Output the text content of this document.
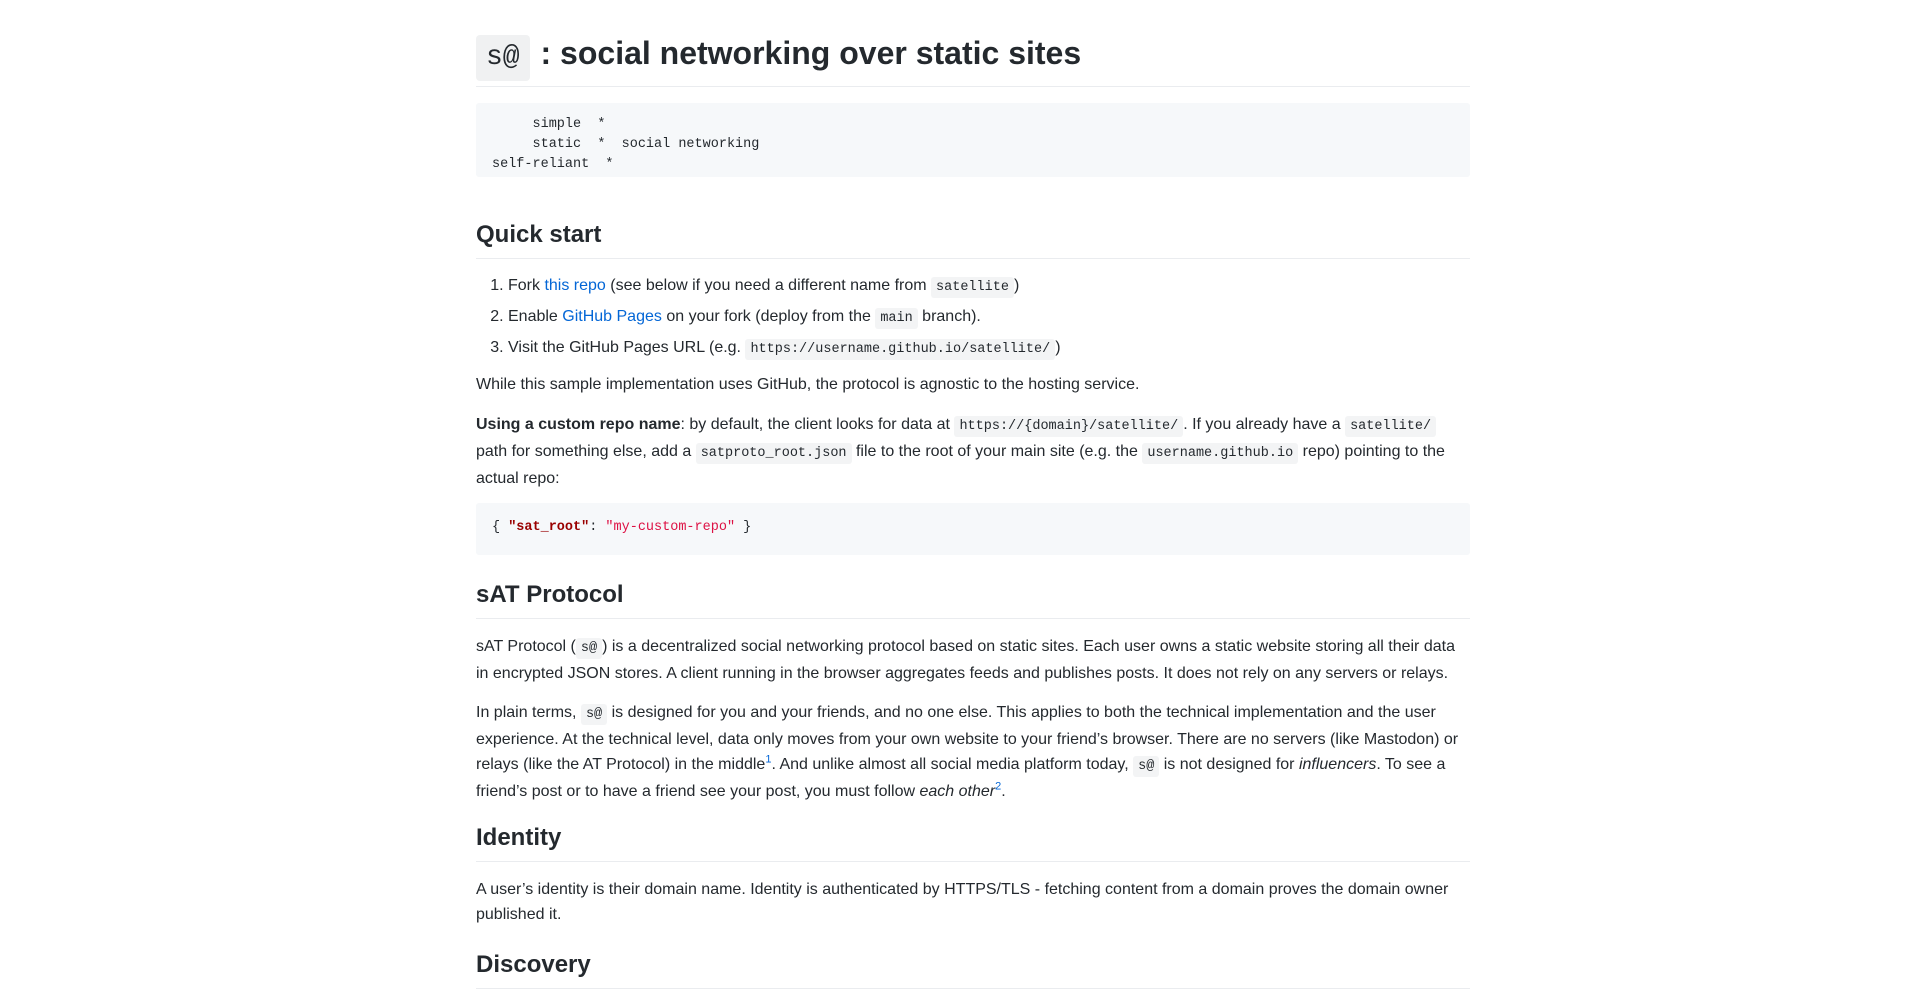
s@ : social networking over static sites
simple  *
static  *  social networking
self-reliant  *
Quick start
1. Fork this repo (see below if you need a different name from satellite )
2. Enable GitHub Pages on your fork (deploy from the main branch).
3. Visit the GitHub Pages URL (e.g. https://username.github.io/satellite/ )

While this sample implementation uses GitHub, the protocol is agnostic to the hosting service.

Using a custom repo name: by default, the client looks for data at https://{domain}/satellite/ . If you already have a satellite/ path for something else, add a satproto_root.json file to the root of your main site (e.g. the username.github.io repo) pointing to the actual repo:

{ "sat_root": "my-custom-repo" }
sAT Protocol

sAT Protocol ( s@ ) is a decentralized social networking protocol based on static sites. Each user owns a static website storing all their data in encrypted JSON stores. A client running in the browser aggregates feeds and publishes posts. It does not rely on any servers or relays.

In plain terms, s@ is designed for you and your friends, and no one else. This applies to both the technical implementation and the user experience. At the technical level, data only moves from your own website to your friend’s browser. There are no servers (like Mastodon) or relays (like the AT Protocol) in the middle$^1$. And unlike almost all social media platform today, s@ is not designed for influencers. To see a friend’s post or to have a friend see your post, you must follow each other$^2$.

Identity

A user’s identity is their domain name. Identity is authenticated by HTTPS/TLS - fetching content from a domain proves the domain owner published it.

Discovery
